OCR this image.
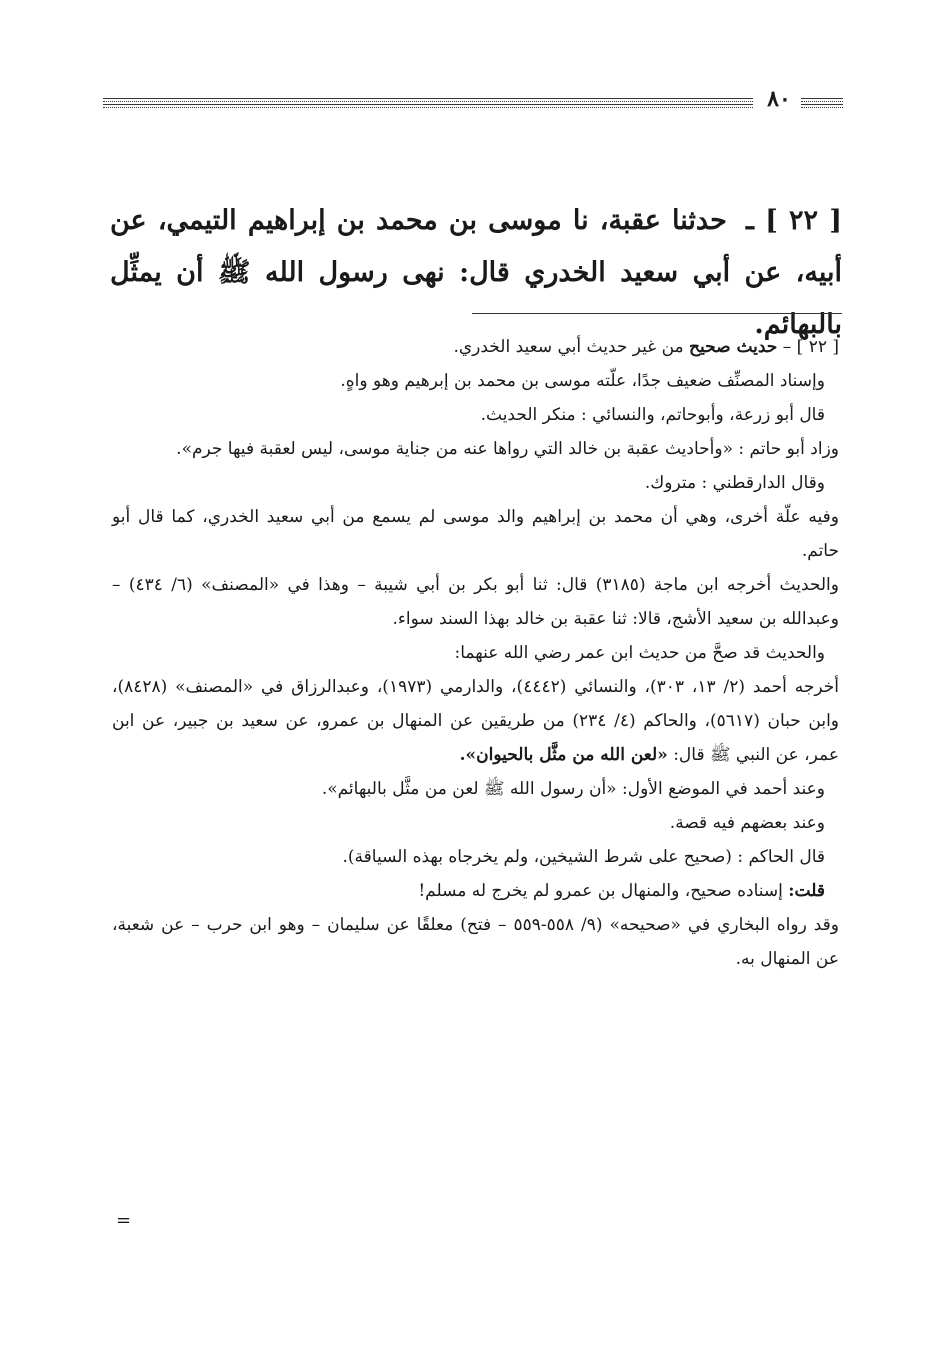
٨٠
[ ٢٢ ] ـ حدثنا عقبة، نا موسى بن محمد بن إبراهيم التيمي، عن أبيه، عن أبي سعيد الخدري قال: نهى رسول الله ﷺ أن يمثِّل بالبهائم.

[ ٢٢ ] – حديث صحيح من غير حديث أبي سعيد الخدري.

وإسناد المصنِّف ضعيف جدًا، علّته موسى بن محمد بن إبرهيم وهو واهٍ.

قال أبو زرعة، وأبوحاتم، والنسائي : منكر الحديث.

وزاد أبو حاتم : «وأحاديث عقبة بن خالد التي رواها عنه من جناية موسى، ليس لعقبة فيها جرم».

وقال الدارقطني : متروك.

وفيه علّة أخرى، وهي أن محمد بن إبراهيم والد موسى لم يسمع من أبي سعيد الخدري، كما قال أبو حاتم.

والحديث أخرجه ابن ماجة (٣١٨٥) قال: ثنا أبو بكر بن أبي شيبة – وهذا في «المصنف» (٦/ ٤٣٤) – وعبدالله بن سعيد الأشج، قالا: ثنا عقبة بن خالد بهذا السند سواء.

والحديث قد صحَّ من حديث ابن عمر رضي الله عنهما:

أخرجه أحمد (٢/ ١٣، ٣٠٣)، والنسائي (٤٤٤٢)، والدارمي (١٩٧٣)، وعبدالرزاق في «المصنف» (٨٤٢٨)، وابن حبان (٥٦١٧)، والحاكم (٤/ ٢٣٤) من طريقين عن المنهال بن عمرو، عن سعيد بن جبير، عن ابن عمر، عن النبي ﷺ قال: «لعن الله من مثَّل بالحيوان».

وعند أحمد في الموضع الأول: «أن رسول الله ﷺ لعن من مثَّل بالبهائم».

وعند بعضهم فيه قصة.

قال الحاكم : (صحيح على شرط الشيخين، ولم يخرجاه بهذه السياقة).

قلت: إسناده صحيح، والمنهال بن عمرو لم يخرج له مسلم!

وقد رواه البخاري في «صحيحه» (٩/ ٥٥٨-٥٥٩ – فتح) معلقًا عن سليمان – وهو ابن حرب – عن شعبة، عن المنهال به.

=
